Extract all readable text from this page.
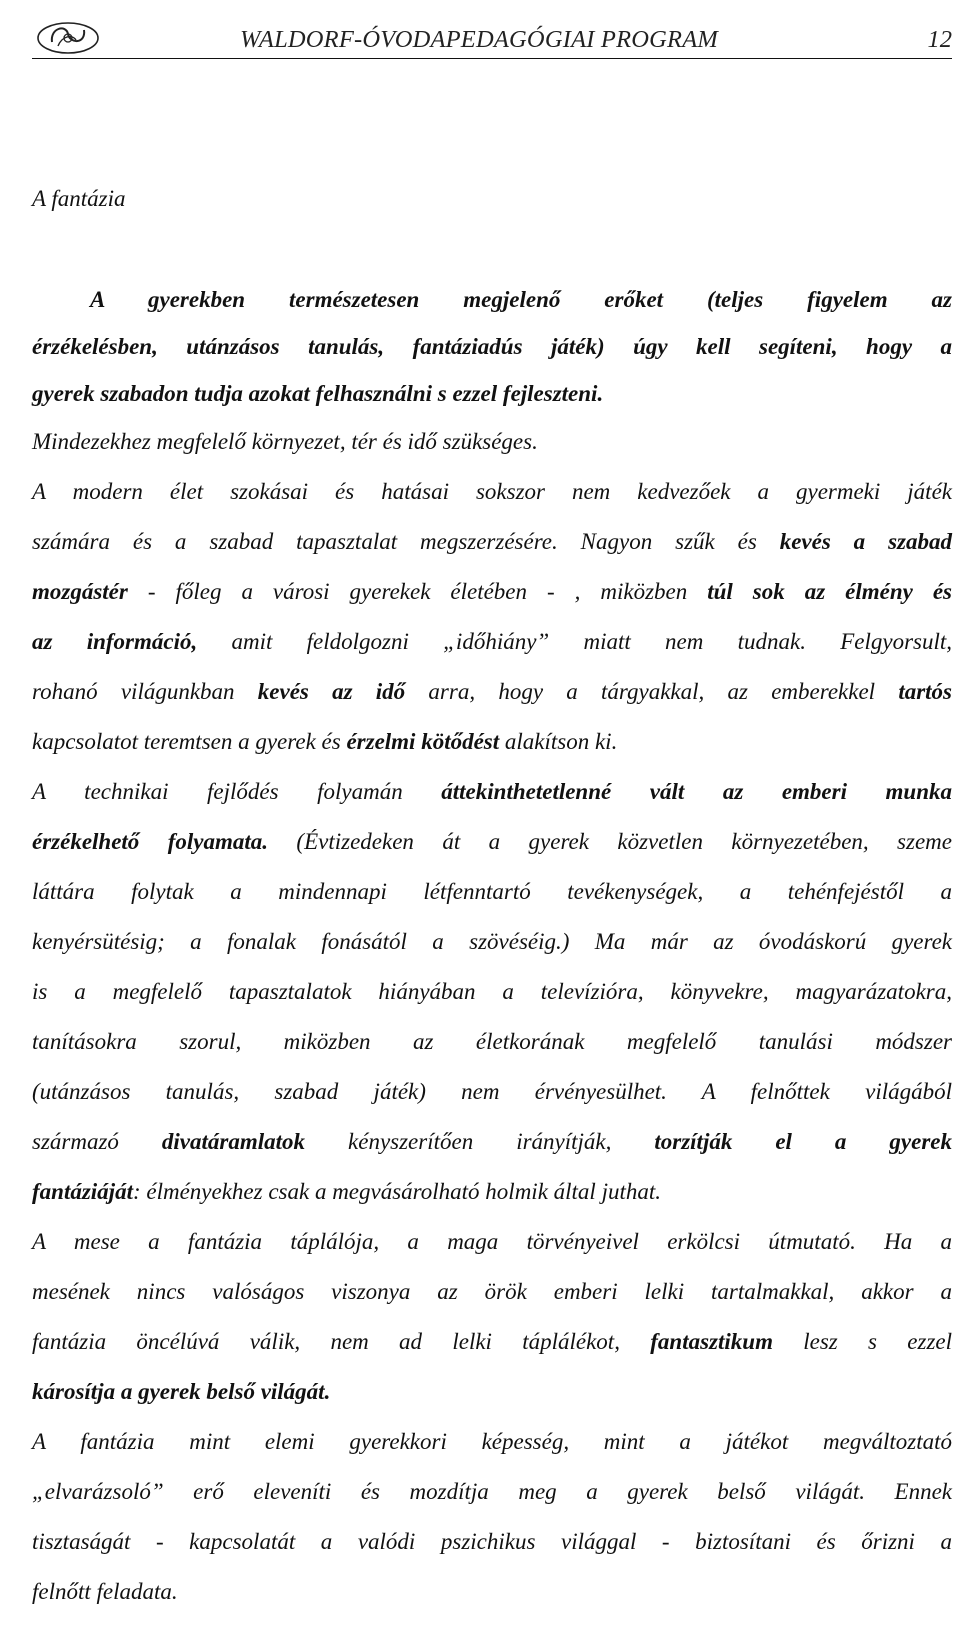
WALDORF-ÓVODAPEDAGÓGIAI PROGRAM	12
A fantázia

A gyerekben természetesen megjelenő erőket (teljes figyelem az

érzékelésben, utánzásos tanulás, fantáziadús játék) úgy kell segíteni, hogy a

gyerek szabadon tudja azokat felhasználni s ezzel fejleszteni.

Mindezekhez megfelelő környezet, tér és idő szükséges.

A modern élet szokásai és hatásai sokszor nem kedvezőek a gyermeki játék

számára és a szabad tapasztalat megszerzésére. Nagyon szűk és kevés a szabad

mozgástér - főleg a városi gyerekek életében - , miközben túl sok az élmény és

az információ, amit feldolgozni „időhiány” miatt nem tudnak. Felgyorsult,

rohanó világunkban kevés az idő arra, hogy a tárgyakkal, az emberekkel tartós

kapcsolatot teremtsen a gyerek és érzelmi kötődést alakítson ki.

A technikai fejlődés folyamán áttekinthetetlenné vált az emberi munka

érzékelhető folyamata. (Évtizedeken át a gyerek közvetlen környezetében, szeme

láttára folytak a mindennapi létfenntartó tevékenységek, a tehénfejéstől a

kenyérsütésig; a fonalak fonásától a szövéséig.) Ma már az óvodáskorú gyerek

is a megfelelő tapasztalatok hiányában a televízióra, könyvekre, magyarázatokra,

tanításokra szorul, miközben az életkorának megfelelő tanulási módszer

(utánzásos tanulás, szabad játék) nem érvényesülhet. A felnőttek világából

származó divatáramlatok kényszerítően irányítják, torzítják el a gyerek

fantáziáját: élményekhez csak a megvásárolható holmik által juthat.

A mese a fantázia táplálója, a maga törvényeivel erkölcsi útmutató. Ha a

mesének nincs valóságos viszonya az örök emberi lelki tartalmakkal, akkor a

fantázia öncélúvá válik, nem ad lelki táplálékot, fantasztikum lesz s ezzel

károsítja a gyerek belső világát.

A fantázia mint elemi gyerekkori képesség, mint a játékot megváltoztató

„elvarázsoló” erő eleveníti és mozdítja meg a gyerek belső világát. Ennek

tisztaságát - kapcsolatát a valódi pszichikus világgal - biztosítani és őrizni a

felnőtt feladata.
